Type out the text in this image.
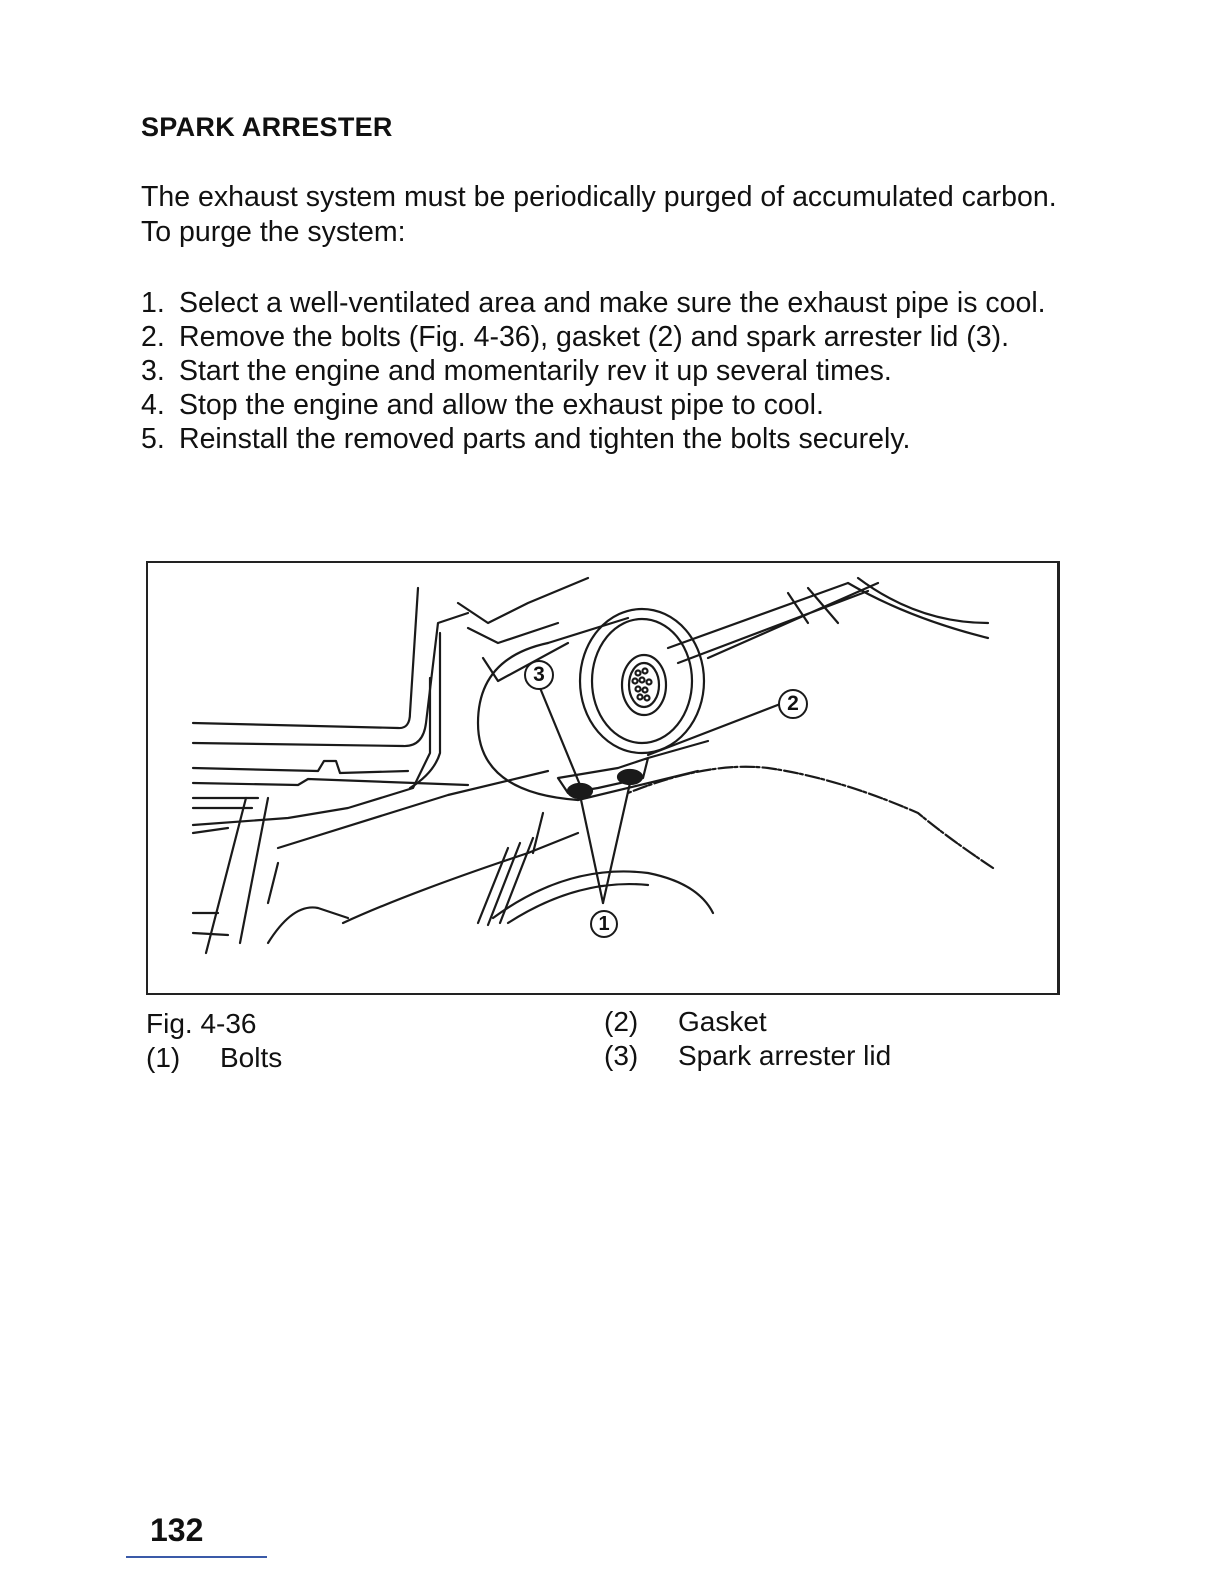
SPARK ARRESTER
The exhaust system must be periodically purged of accumulated carbon. To purge the system:
1. Select a well-ventilated area and make sure the exhaust pipe is cool.
2. Remove the bolts (Fig. 4-36), gasket (2) and spark arrester lid (3).
3. Start the engine and momentarily rev it up several times.
4. Stop the engine and allow the exhaust pipe to cool.
5. Reinstall the removed parts and tighten the bolts securely.
1
2
3
Fig. 4-36
(1)	Bolts
(2)	Gasket
(3)	Spark arrester lid
132
